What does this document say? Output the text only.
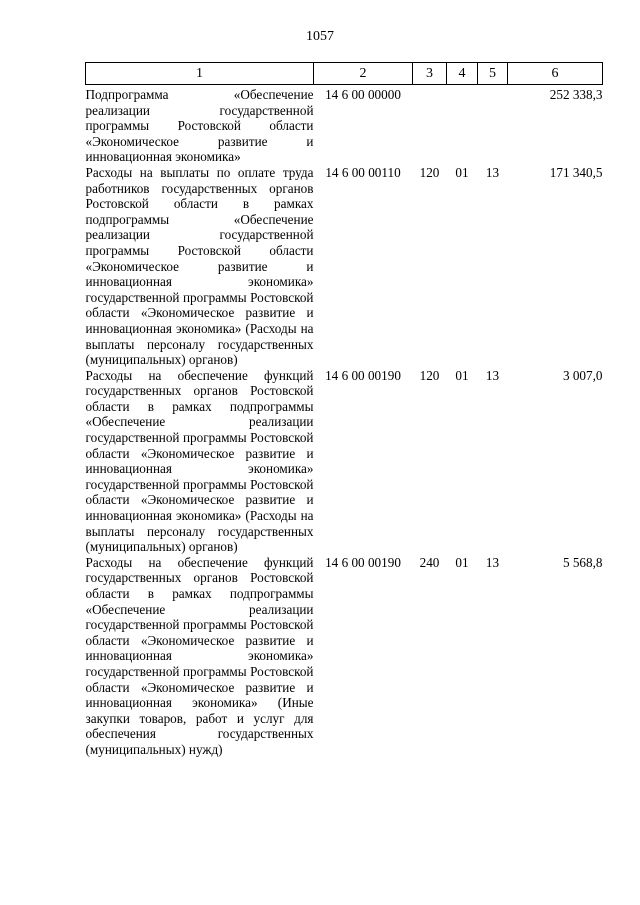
1057
1	2	3	4	5	6
Подпрограмма «Обеспечение реализации государственной программы Ростовской области «Экономическое развитие и инновационная экономика»	14 6 00 00000				252 338,3
Расходы на выплаты по оплате труда работников государственных органов Ростовской области в рамках подпрограммы «Обеспечение реализации государственной программы Ростовской области «Экономическое развитие и инновационная экономика» государственной программы Ростовской области «Экономическое развитие и инновационная экономика» (Расходы на выплаты персоналу государственных (муниципальных) органов)	14 6 00 00110	120	01	13	171 340,5
Расходы на обеспечение функций государственных органов Ростовской области в рамках подпрограммы «Обеспечение реализации государственной программы Ростовской области «Экономическое развитие и инновационная экономика» государственной программы Ростовской области «Экономическое развитие и инновационная экономика» (Расходы на выплаты персоналу государственных (муниципальных) органов)	14 6 00 00190	120	01	13	3 007,0
Расходы на обеспечение функций государственных органов Ростовской области в рамках подпрограммы «Обеспечение реализации государственной программы Ростовской области «Экономическое развитие и инновационная экономика» государственной программы Ростовской области «Экономическое развитие и инновационная экономика» (Иные закупки товаров, работ и услуг для обеспечения государственных (муниципальных) нужд)	14 6 00 00190	240	01	13	5 568,8
